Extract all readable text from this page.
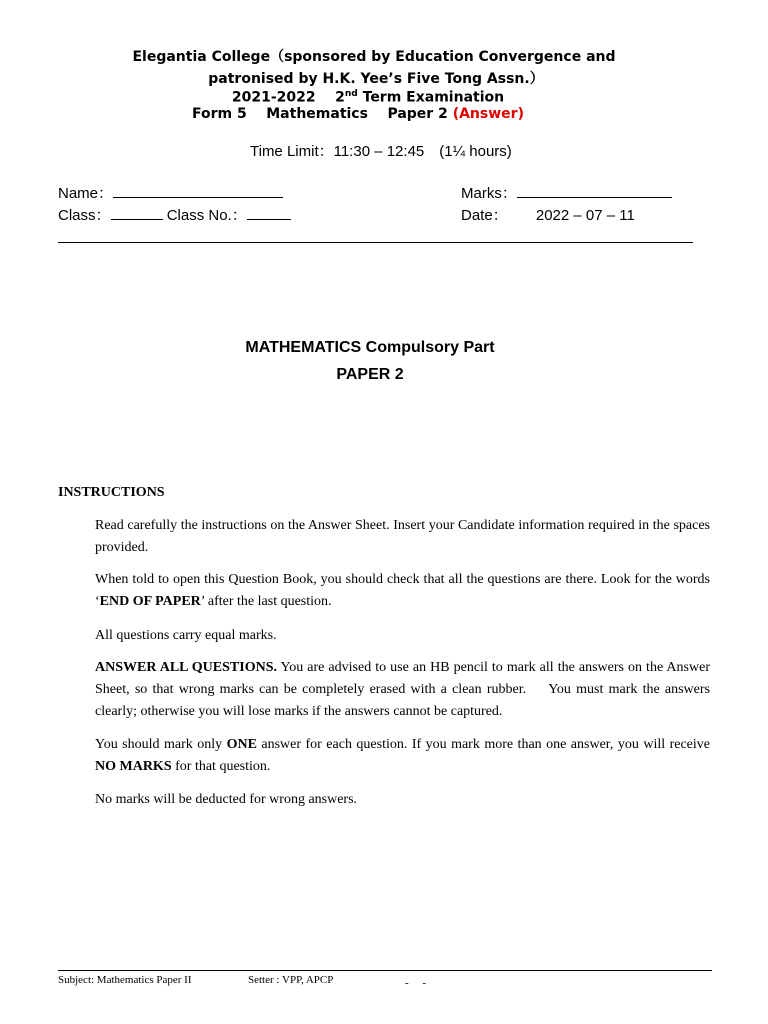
Elegantia College（sponsored by Education Convergence and
patronised by H.K. Yee’s Five Tong Assn.）
2021-2022 2nd Term Examination
Form 5 Mathematics Paper 2 (Answer)
Time Limit：11:30 – 12:45　(1¼ hours)
Name：	Marks：
Class：	Class No.：	Date： 2022 – 07 – 11
MATHEMATICS Compulsory Part
PAPER 2
INSTRUCTIONS
Read carefully the instructions on the Answer Sheet. Insert your Candidate information required in the spaces provided.
When told to open this Question Book, you should check that all the questions are there. Look for the words ‘END OF PAPER’ after the last question.
All questions carry equal marks.
ANSWER ALL QUESTIONS. You are advised to use an HB pencil to mark all the answers on the Answer Sheet, so that wrong marks can be completely erased with a clean rubber.　 You must mark the answers clearly; otherwise you will lose marks if the answers cannot be captured.
You should mark only ONE answer for each question. If you mark more than one answer, you will receive NO MARKS for that question.
No marks will be deducted for wrong answers.
Subject: Mathematics Paper II	Setter : VPP, APCP	-　 -
